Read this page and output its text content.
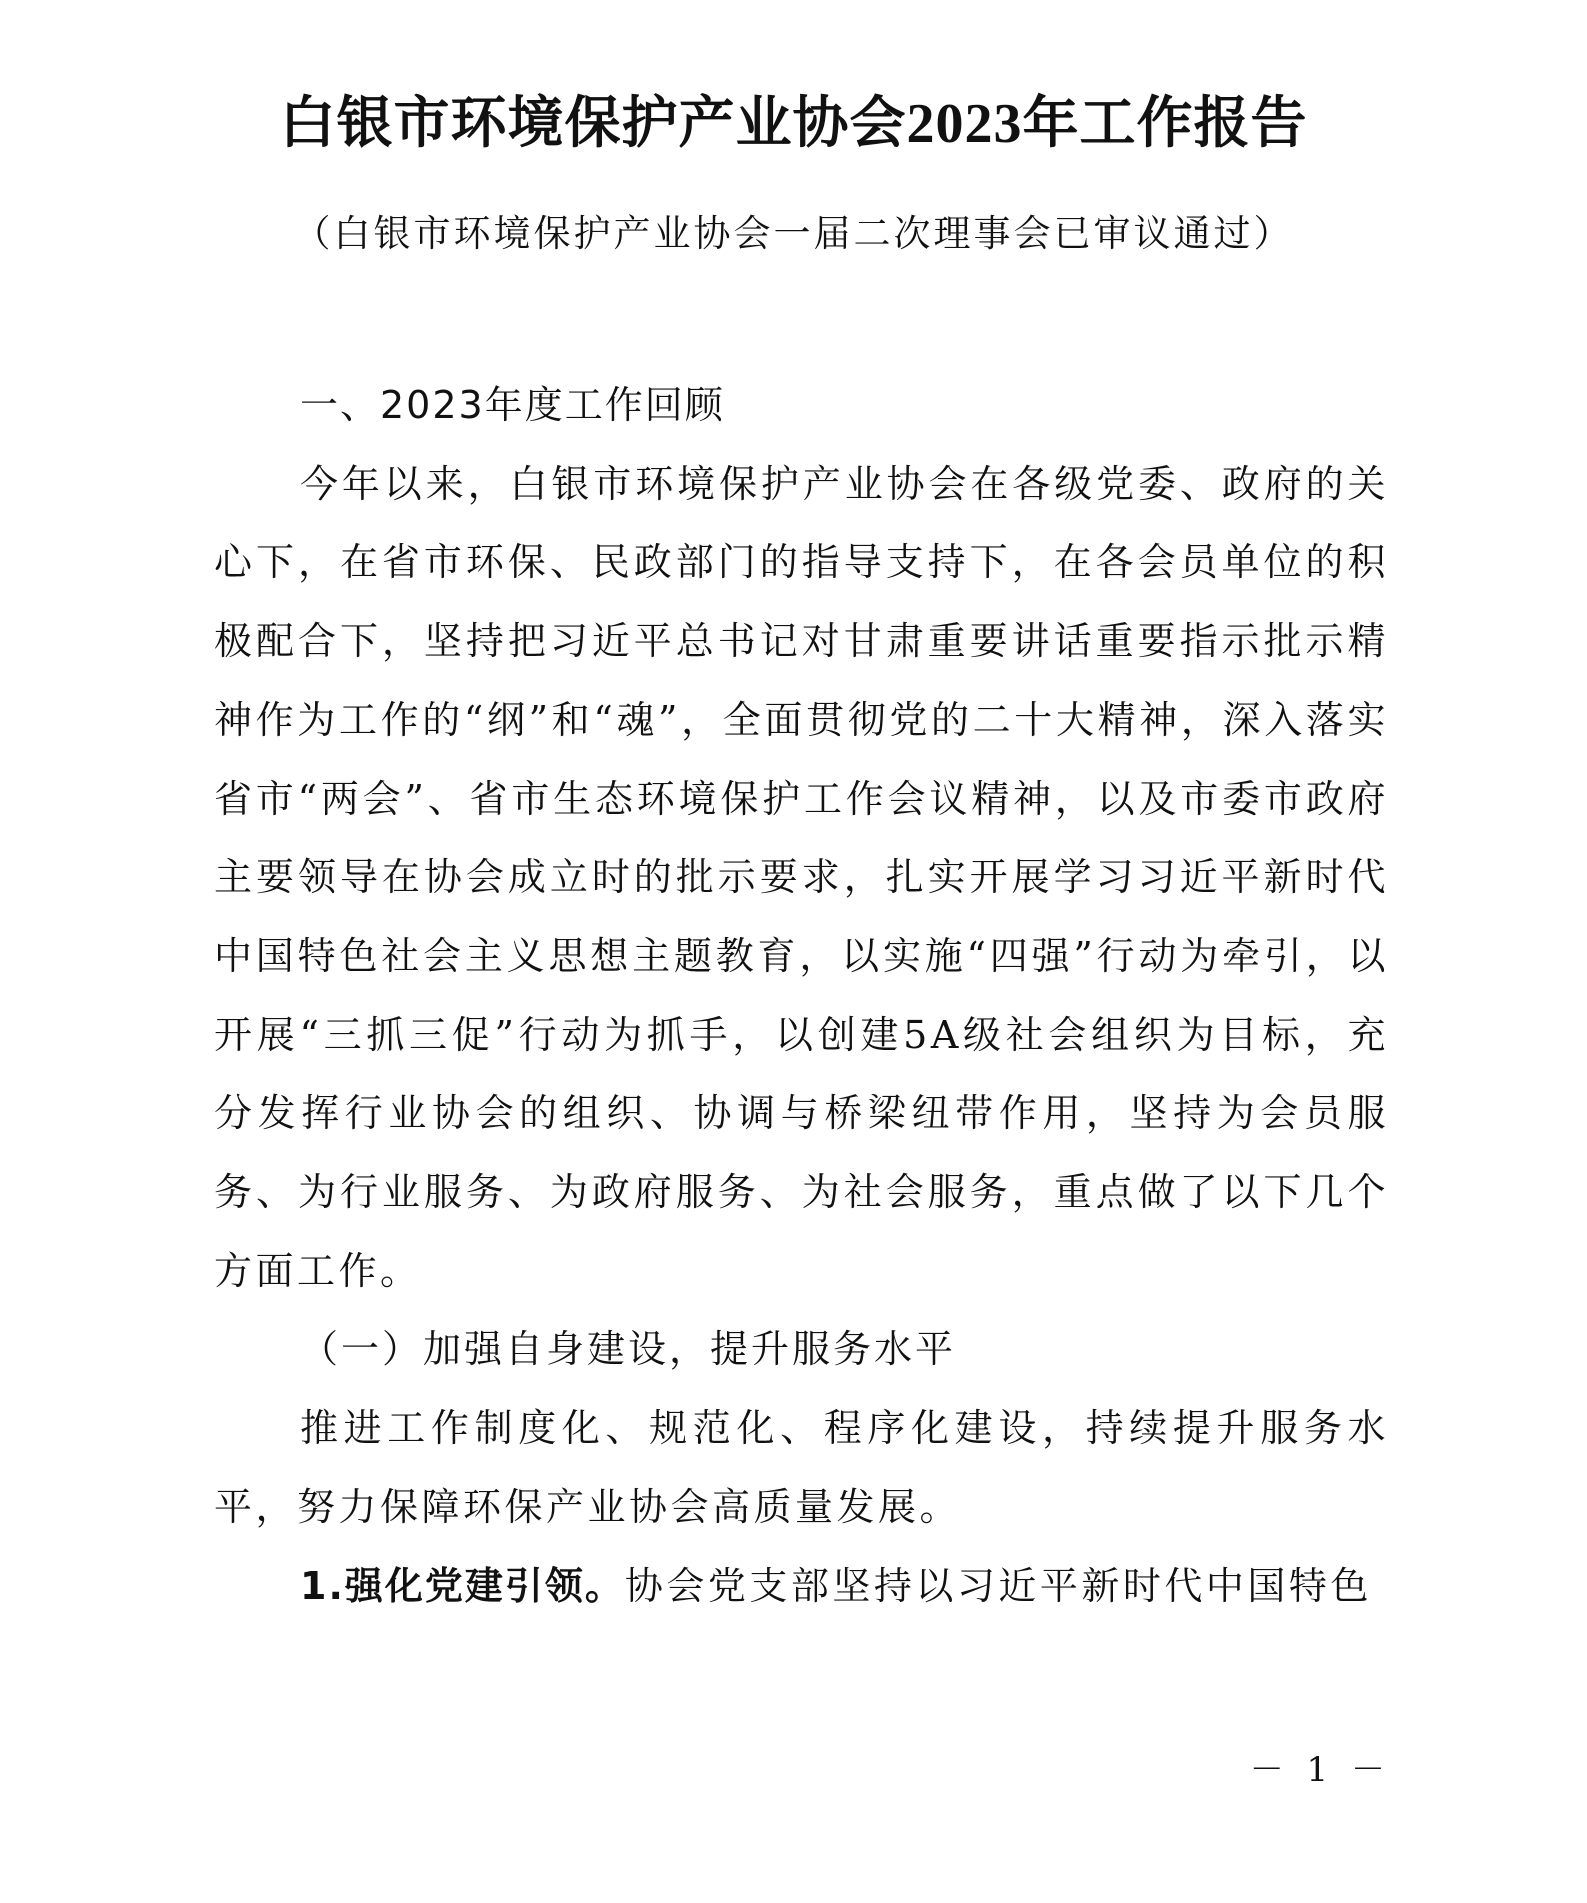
白银市环境保护产业协会2023年工作报告
（白银市环境保护产业协会一届二次理事会已审议通过）
一、2023年度工作回顾

今年以来，白银市环境保护产业协会在各级党委、政府的关心下，在省市环保、民政部门的指导支持下，在各会员单位的积极配合下，坚持把习近平总书记对甘肃重要讲话重要指示批示精神作为工作的“纲”和“魂”，全面贯彻党的二十大精神，深入落实省市“两会”、省市生态环境保护工作会议精神，以及市委市政府主要领导在协会成立时的批示要求，扎实开展学习习近平新时代中国特色社会主义思想主题教育，以实施“四强”行动为牵引，以开展“三抓三促”行动为抓手，以创建5A级社会组织为目标，充分发挥行业协会的组织、协调与桥梁纽带作用，坚持为会员服务、为行业服务、为政府服务、为社会服务，重点做了以下几个方面工作。

（一）加强自身建设，提升服务水平

推进工作制度化、规范化、程序化建设，持续提升服务水平，努力保障环保产业协会高质量发展。

1.强化党建引领。协会党支部坚持以习近平新时代中国特色

－ 1 －
